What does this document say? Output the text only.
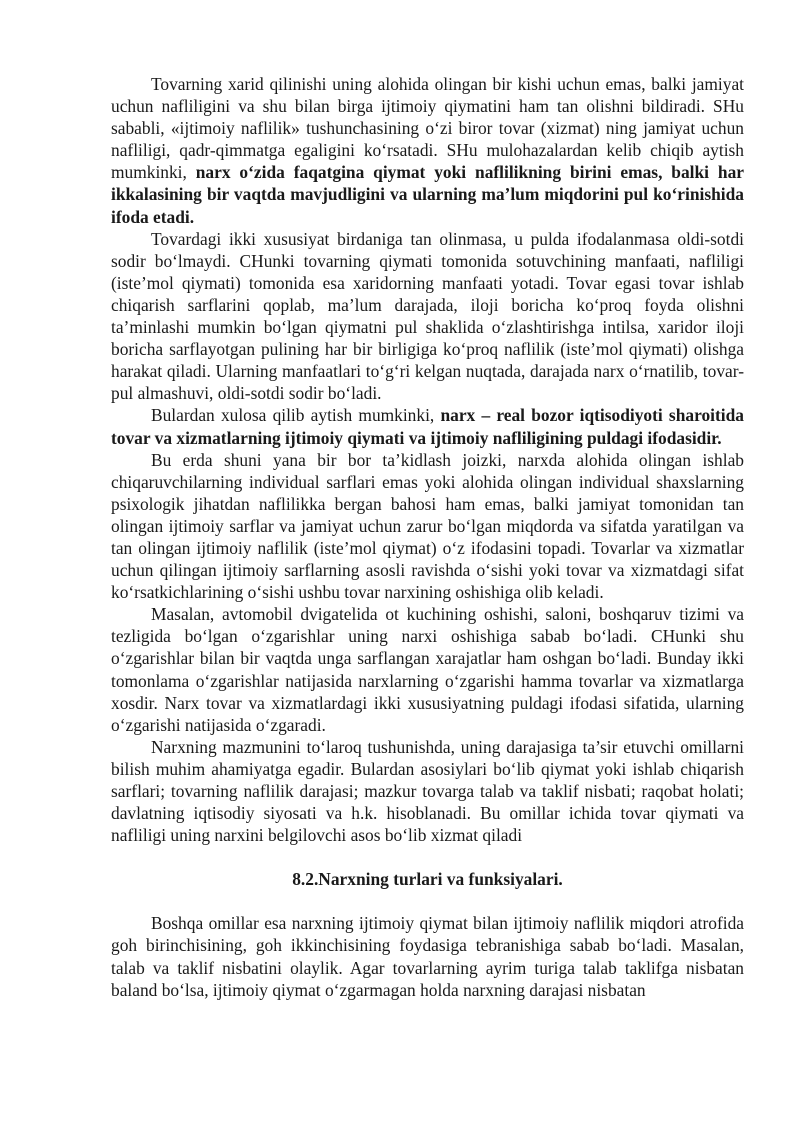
Tovarning xarid qilinishi uning alohida olingan bir kishi uchun emas, balki jamiyat uchun nafliligini va shu bilan birga ijtimoiy qiymatini ham tan olishni bildiradi. SHu sababli, «ijtimoiy naflilik» tushunchasining o‘zi biror tovar (xizmat) ning jamiyat uchun nafliligi, qadr-qimmatga egaligini ko‘rsatadi. SHu mulohazalardan kelib chiqib aytish mumkinki, narx o‘zida faqatgina qiymat yoki naflilikning birini emas, balki har ikkalasining bir vaqtda mavjudligini va ularning ma’lum miqdorini pul ko‘rinishida ifoda etadi.

Tovardagi ikki xususiyat birdaniga tan olinmasa, u pulda ifodalanmasa oldi-sotdi sodir bo‘lmaydi. CHunki tovarning qiymati tomonida sotuvchining manfaati, nafliligi (iste’mol qiymati) tomonida esa xaridorning manfaati yotadi. Tovar egasi tovar ishlab chiqarish sarflarini qoplab, ma’lum darajada, iloji boricha ko‘proq foyda olishni ta’minlashi mumkin bo‘lgan qiymatni pul shaklida o‘zlashtirishga intilsa, xaridor iloji boricha sarflayotgan pulining har bir birligiga ko‘proq naflilik (iste’mol qiymati) olishga harakat qiladi. Ularning manfaatlari to‘g‘ri kelgan nuqtada, darajada narx o‘rnatilib, tovar-pul almashuvi, oldi-sotdi sodir bo‘ladi.

Bulardan xulosa qilib aytish mumkinki, narx – real bozor iqtisodiyoti sharoitida tovar va xizmatlarning ijtimoiy qiymati va ijtimoiy nafliligining puldagi ifodasidir.

Bu erda shuni yana bir bor ta’kidlash joizki, narxda alohida olingan ishlab chiqaruvchilarning individual sarflari emas yoki alohida olingan individual shaxslarning psixologik jihatdan naflilikka bergan bahosi ham emas, balki jamiyat tomonidan tan olingan ijtimoiy sarflar va jamiyat uchun zarur bo‘lgan miqdorda va sifatda yaratilgan va tan olingan ijtimoiy naflilik (iste’mol qiymat) o‘z ifodasini topadi. Tovarlar va xizmatlar uchun qilingan ijtimoiy sarflarning asosli ravishda o‘sishi yoki tovar va xizmatdagi sifat ko‘rsatkichlarining o‘sishi ushbu tovar narxining oshishiga olib keladi.

Masalan, avtomobil dvigatelida ot kuchining oshishi, saloni, boshqaruv tizimi va tezligida bo‘lgan o‘zgarishlar uning narxi oshishiga sabab bo‘ladi. CHunki shu o‘zgarishlar bilan bir vaqtda unga sarflangan xarajatlar ham oshgan bo‘ladi. Bunday ikki tomonlama o‘zgarishlar natijasida narxlarning o‘zgarishi hamma tovarlar va xizmatlarga xosdir. Narx tovar va xizmatlardagi ikki xususiyatning puldagi ifodasi sifatida, ularning o‘zgarishi natijasida o‘zgaradi.

Narxning mazmunini to‘laroq tushunishda, uning darajasiga ta’sir etuvchi omillarni bilish muhim ahamiyatga egadir. Bulardan asosiylari bo‘lib qiymat yoki ishlab chiqarish sarflari; tovarning naflilik darajasi; mazkur tovarga talab va taklif nisbati; raqobat holati; davlatning iqtisodiy siyosati va h.k. hisoblanadi. Bu omillar ichida tovar qiymati va nafliligi uning narxini belgilovchi asos bo‘lib xizmat qiladi

8.2.Narxning turlari va funksiyalari.

Boshqa omillar esa narxning ijtimoiy qiymat bilan ijtimoiy naflilik miqdori atrofida goh birinchisining, goh ikkinchisining foydasiga tebranishiga sabab bo‘ladi. Masalan, talab va taklif nisbatini olaylik. Agar tovarlarning ayrim turiga talab taklifga nisbatan baland bo‘lsa, ijtimoiy qiymat o‘zgarmagan holda narxning darajasi nisbatan
